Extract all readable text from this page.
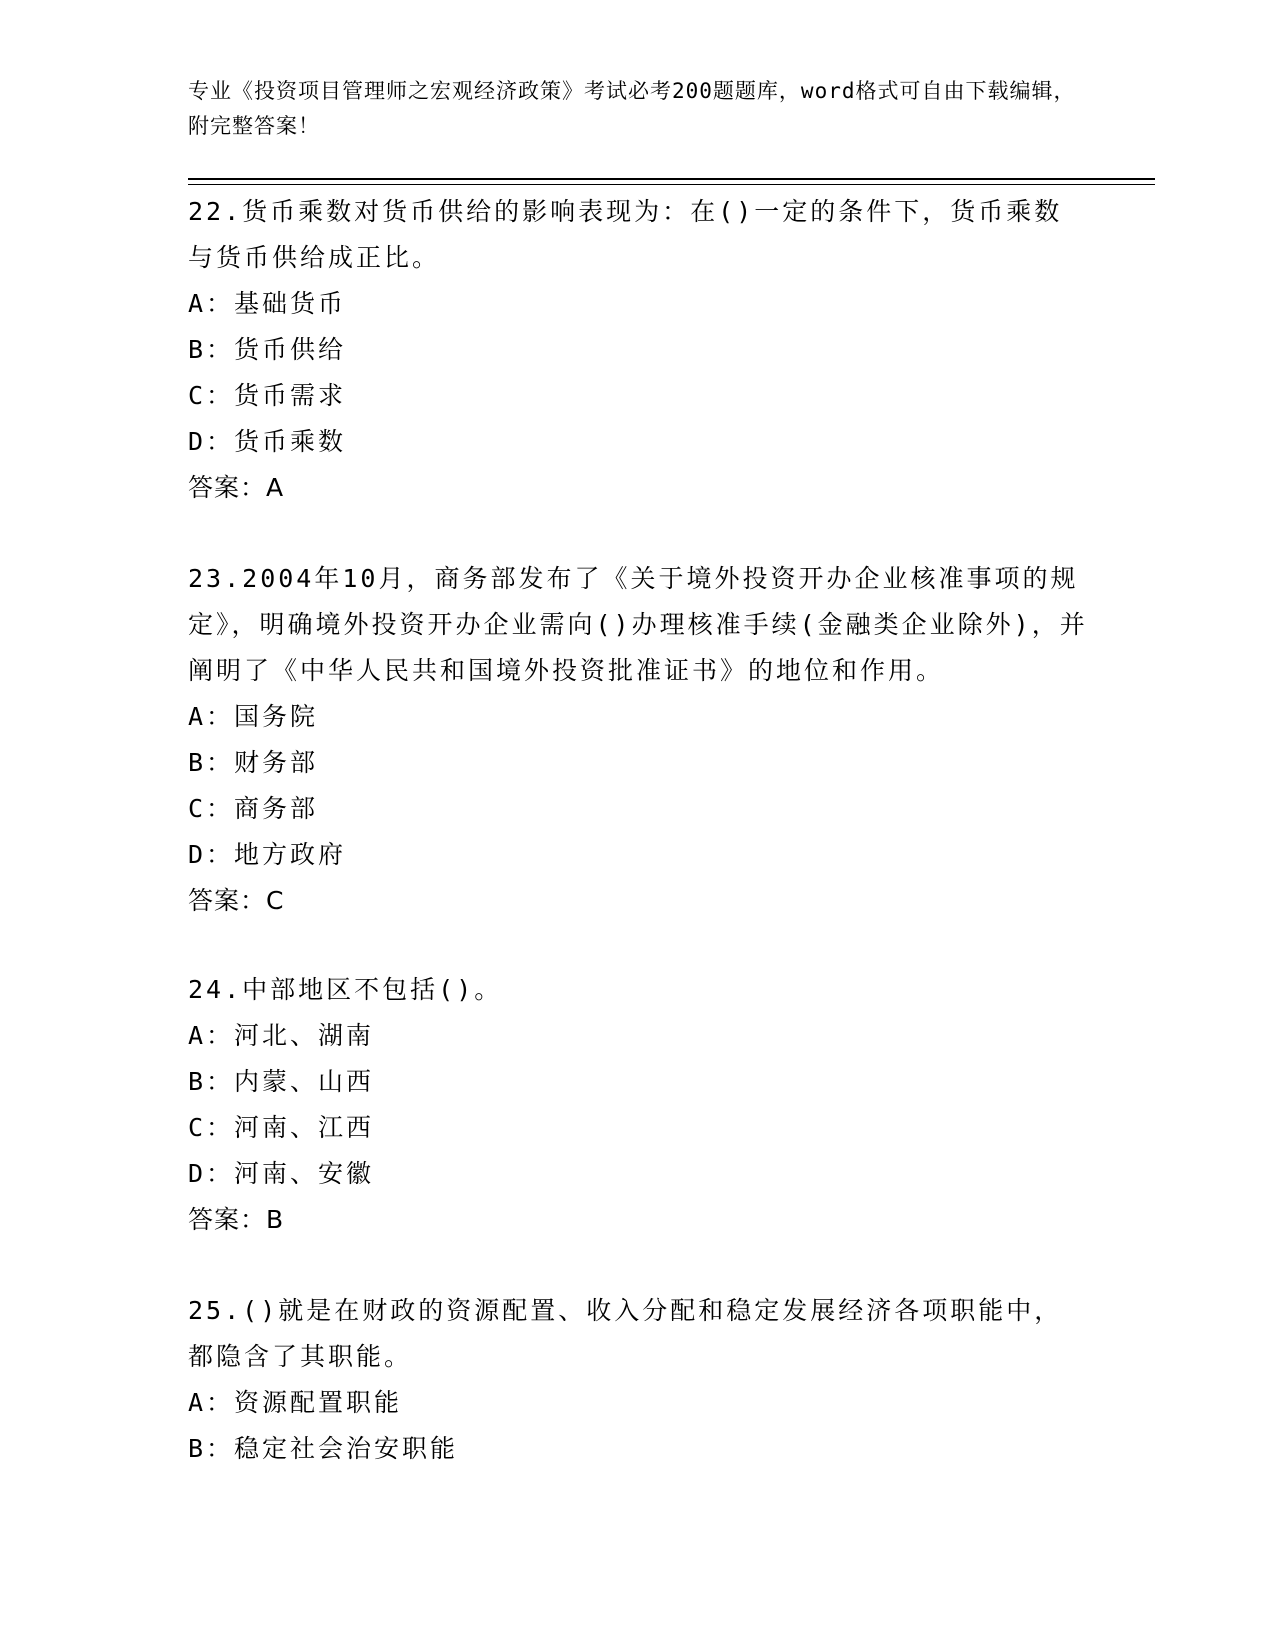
专业《投资项目管理师之宏观经济政策》考试必考200题题库，word格式可自由下载编辑，附完整答案！
22.货币乘数对货币供给的影响表现为：在()一定的条件下，货币乘数与货币供给成正比。
A：基础货币
B：货币供给
C：货币需求
D：货币乘数
答案：A
23.2004年10月，商务部发布了《关于境外投资开办企业核准事项的规定》，明确境外投资开办企业需向()办理核准手续(金融类企业除外)，并阐明了《中华人民共和国境外投资批准证书》的地位和作用。
A：国务院
B：财务部
C：商务部
D：地方政府
答案：C
24.中部地区不包括()。
A：河北、湖南
B：内蒙、山西
C：河南、江西
D：河南、安徽
答案：B
25.()就是在财政的资源配置、收入分配和稳定发展经济各项职能中，都隐含了其职能。
A：资源配置职能
B：稳定社会治安职能
